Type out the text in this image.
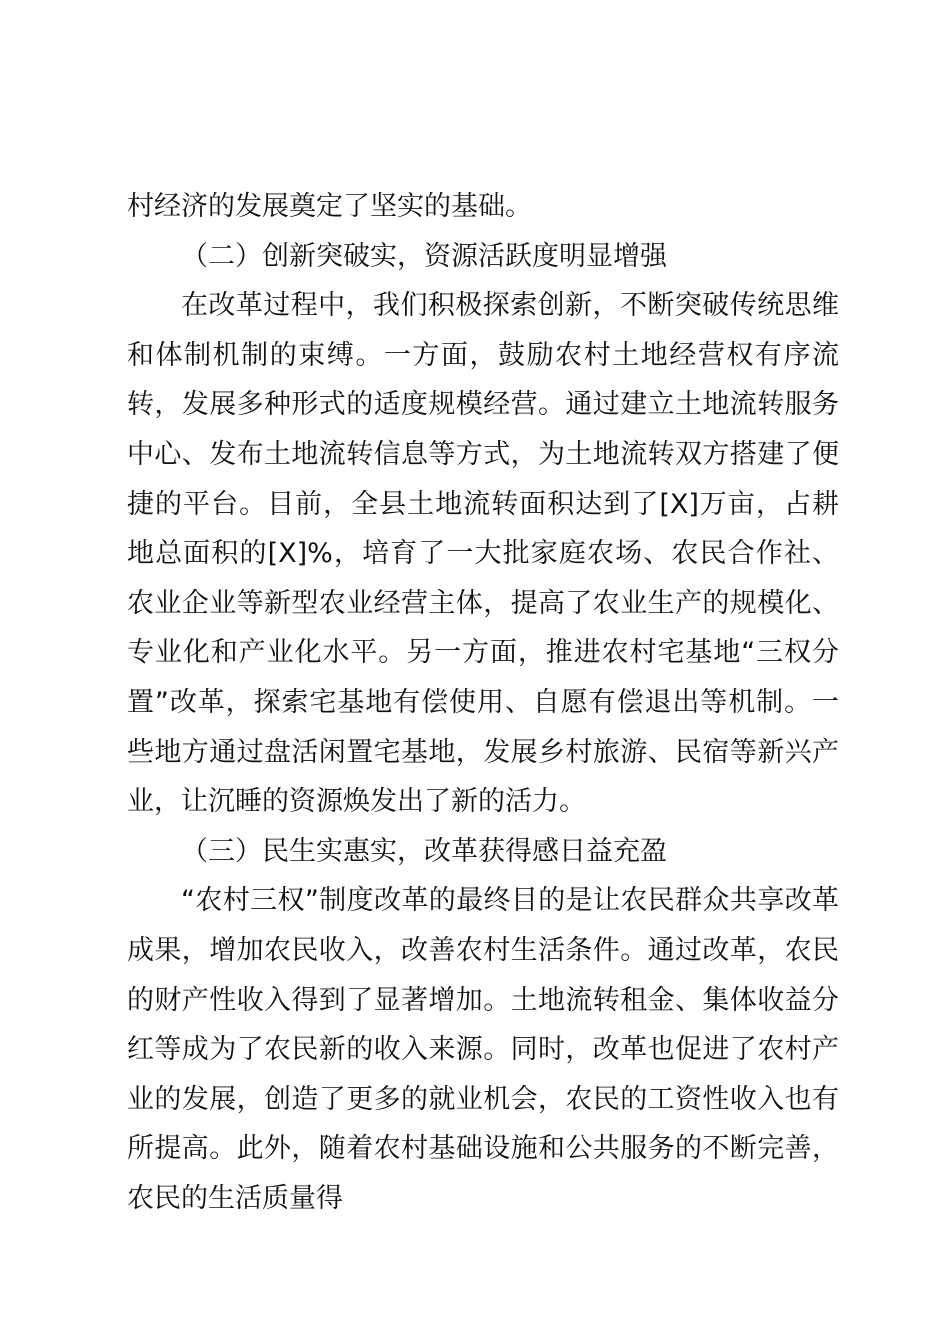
村经济的发展奠定了坚实的基础。

（二）创新突破实，资源活跃度明显增强

在改革过程中，我们积极探索创新，不断突破传统思维和体制机制的束缚。一方面，鼓励农村土地经营权有序流转，发展多种形式的适度规模经营。通过建立土地流转服务中心、发布土地流转信息等方式，为土地流转双方搭建了便捷的平台。目前，全县土地流转面积达到了[X]万亩，占耕地总面积的[X]%，培育了一大批家庭农场、农民合作社、农业企业等新型农业经营主体，提高了农业生产的规模化、专业化和产业化水平。另一方面，推进农村宅基地“三权分置”改革，探索宅基地有偿使用、自愿有偿退出等机制。一些地方通过盘活闲置宅基地，发展乡村旅游、民宿等新兴产业，让沉睡的资源焕发出了新的活力。

（三）民生实惠实，改革获得感日益充盈

“农村三权”制度改革的最终目的是让农民群众共享改革成果，增加农民收入，改善农村生活条件。通过改革，农民的财产性收入得到了显著增加。土地流转租金、集体收益分红等成为了农民新的收入来源。同时，改革也促进了农村产业的发展，创造了更多的就业机会，农民的工资性收入也有所提高。此外，随着农村基础设施和公共服务的不断完善，农民的生活质量得
